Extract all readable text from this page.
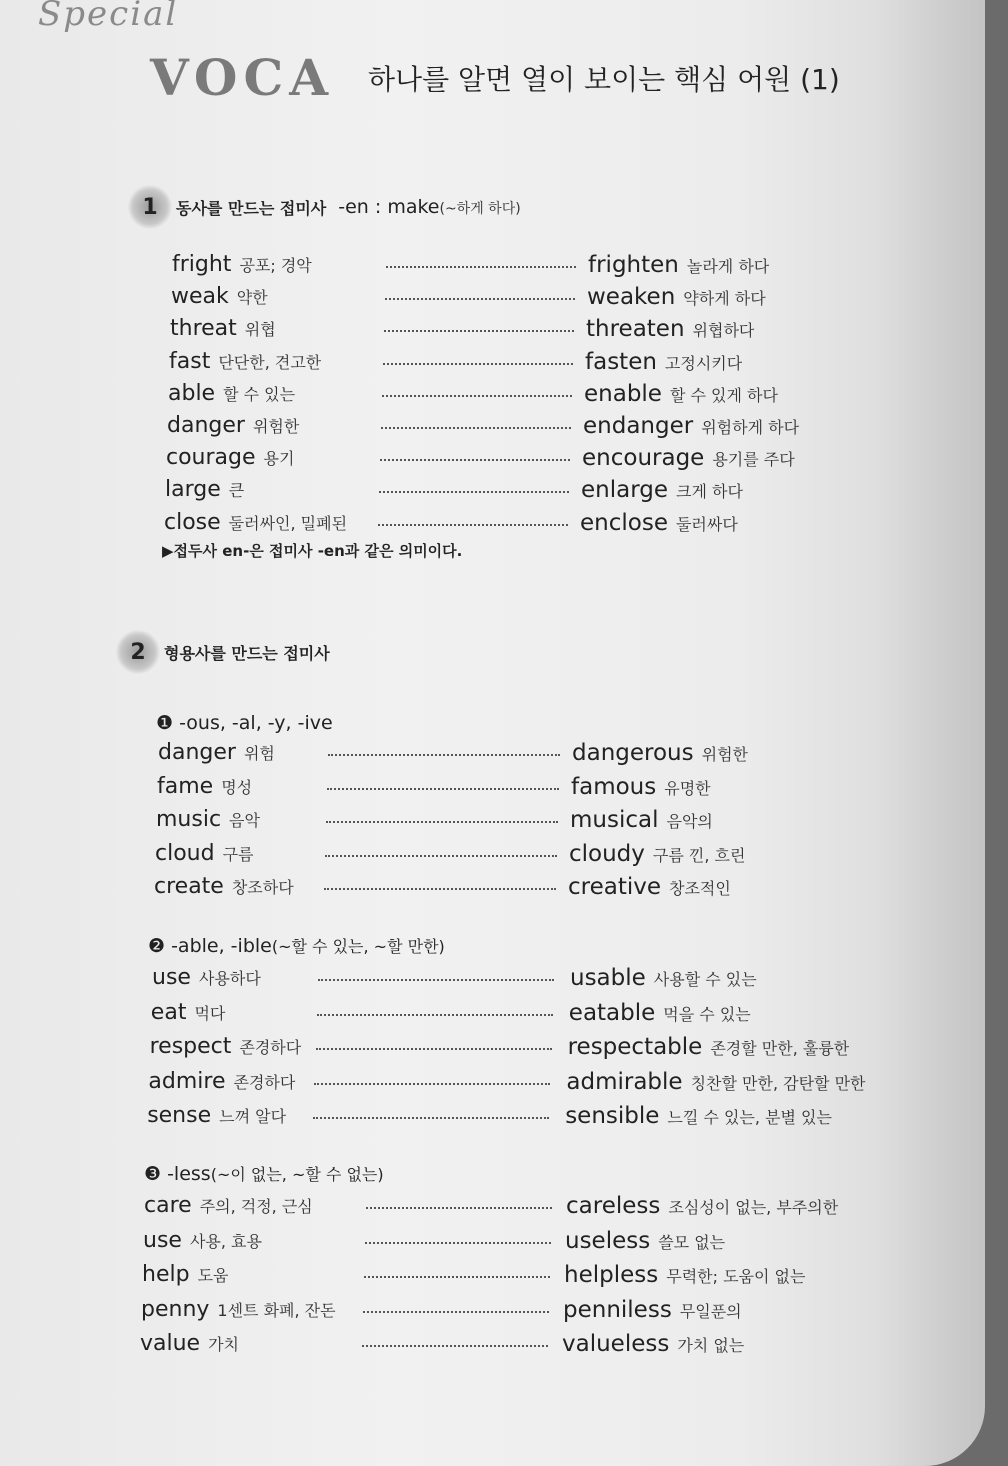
Special
VOCA 하나를 알면 열이 보이는 핵심 어원 (1)
1	동사를 만드는 접미사 -en : make(~하게 하다)
fright 공포; 경악	frighten 놀라게 하다
weak 약한	weaken 약하게 하다
threat 위협	threaten 위협하다
fast 단단한, 견고한	fasten 고정시키다
able 할 수 있는	enable 할 수 있게 하다
danger 위험한	endanger 위험하게 하다
courage 용기	encourage 용기를 주다
large 큰	enlarge 크게 하다
close 둘러싸인, 밀폐된	enclose 둘러싸다
▶접두사 en-은 접미사 -en과 같은 의미이다.
2	형용사를 만드는 접미사
❶ -ous, -al, -y, -ive
danger 위험	dangerous 위험한
fame 명성	famous 유명한
music 음악	musical 음악의
cloud 구름	cloudy 구름 낀, 흐린
create 창조하다	creative 창조적인
❷ -able, -ible(~할 수 있는, ~할 만한)
use 사용하다	usable 사용할 수 있는
eat 먹다	eatable 먹을 수 있는
respect 존경하다	respectable 존경할 만한, 훌륭한
admire 존경하다	admirable 칭찬할 만한, 감탄할 만한
sense 느껴 알다	sensible 느낄 수 있는, 분별 있는
❸ -less(~이 없는, ~할 수 없는)
care 주의, 걱정, 근심	careless 조심성이 없는, 부주의한
use 사용, 효용	useless 쓸모 없는
help 도움	helpless 무력한; 도움이 없는
penny 1센트 화폐, 잔돈	penniless 무일푼의
value 가치	valueless 가치 없는
